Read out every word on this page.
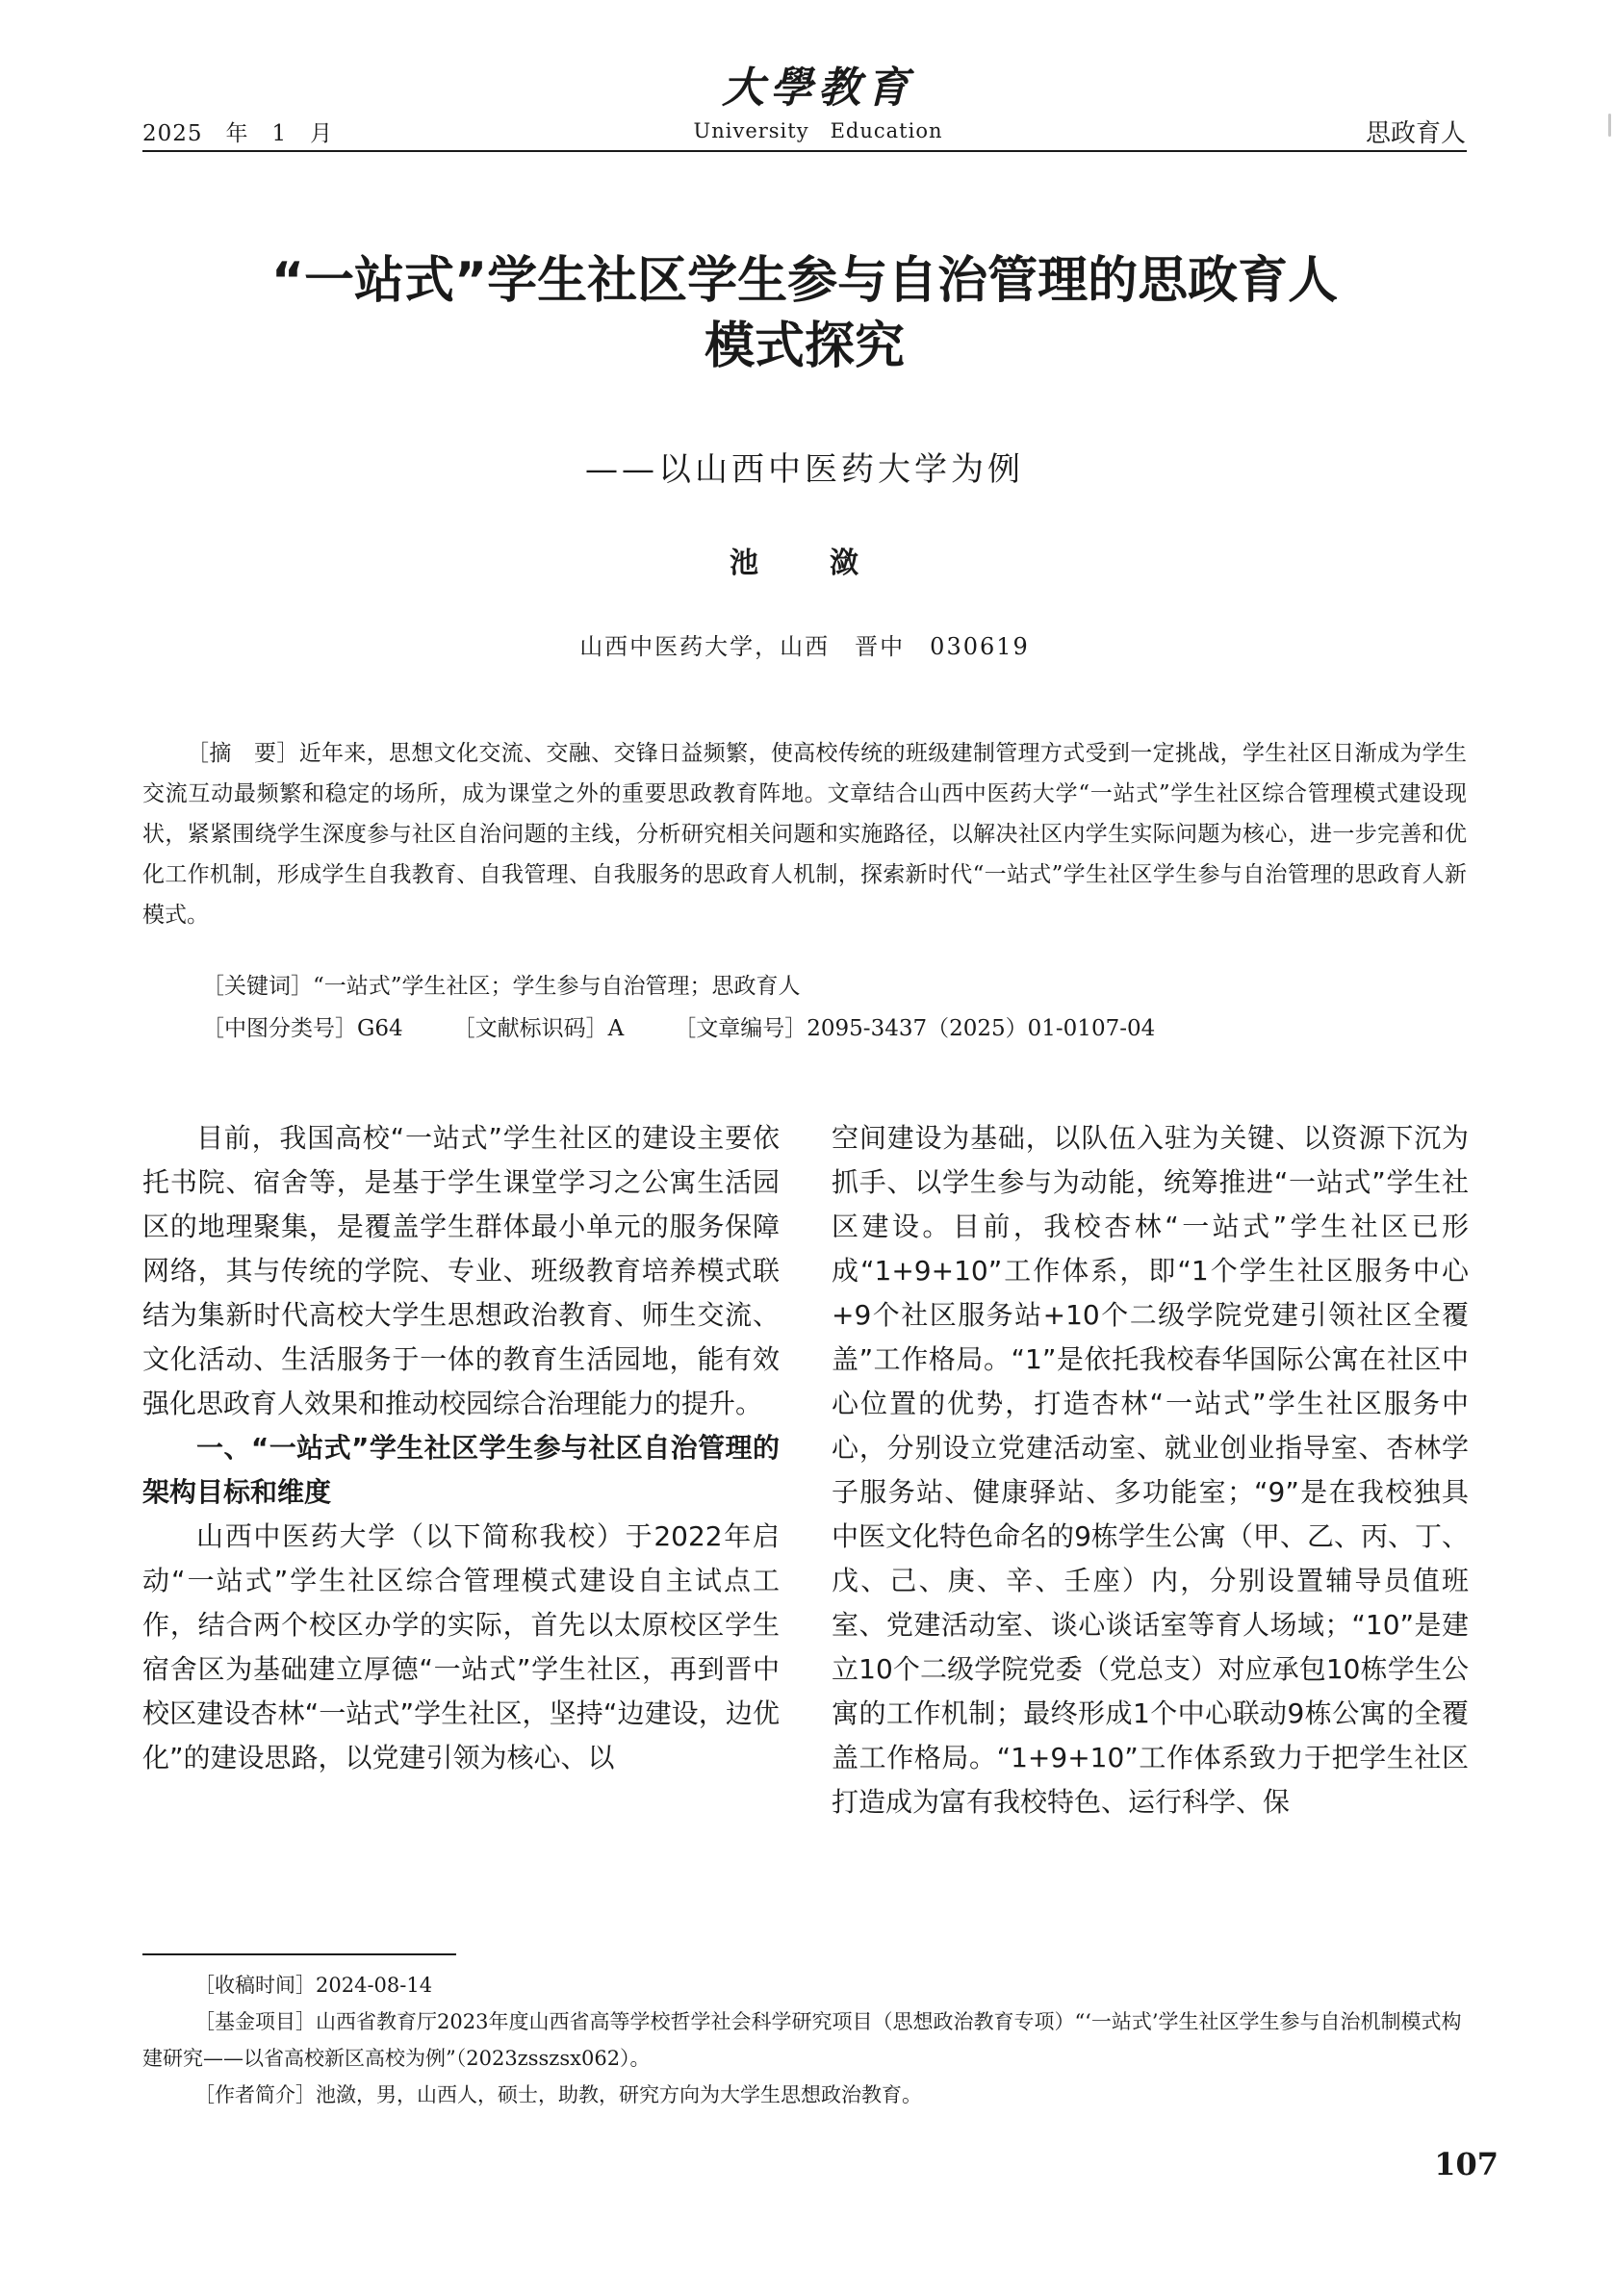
2025　年　1　月
大學教育
University　Education	思政育人
“一站式”学生社区学生参与自治管理的思政育人
模式探究
——以山西中医药大学为例
池　潋
山西中医药大学，山西　晋中　030619
［摘　要］近年来，思想文化交流、交融、交锋日益频繁，使高校传统的班级建制管理方式受到一定挑战，学生社区日渐成为学生交流互动最频繁和稳定的场所，成为课堂之外的重要思政教育阵地。文章结合山西中医药大学“一站式”学生社区综合管理模式建设现状，紧紧围绕学生深度参与社区自治问题的主线，分析研究相关问题和实施路径，以解决社区内学生实际问题为核心，进一步完善和优化工作机制，形成学生自我教育、自我管理、自我服务的思政育人机制，探索新时代“一站式”学生社区学生参与自治管理的思政育人新模式。
［关键词］“一站式”学生社区；学生参与自治管理；思政育人
［中图分类号］G64 ［文献标识码］A ［文章编号］2095-3437（2025）01-0107-04

目前，我国高校“一站式”学生社区的建设主要依托书院、宿舍等，是基于学生课堂学习之公寓生活园区的地理聚集，是覆盖学生群体最小单元的服务保障网络，其与传统的学院、专业、班级教育培养模式联结为集新时代高校大学生思想政治教育、师生交流、文化活动、生活服务于一体的教育生活园地，能有效强化思政育人效果和推动校园综合治理能力的提升。

一、“一站式”学生社区学生参与社区自治管理的架构目标和维度

山西中医药大学（以下简称我校）于2022年启动“一站式”学生社区综合管理模式建设自主试点工作，结合两个校区办学的实际，首先以太原校区学生宿舍区为基础建立厚德“一站式”学生社区，再到晋中校区建设杏林“一站式”学生社区，坚持“边建设，边优化”的建设思路，以党建引领为核心、以

空间建设为基础，以队伍入驻为关键、以资源下沉为抓手、以学生参与为动能，统筹推进“一站式”学生社区建设。目前，我校杏林“一站式”学生社区已形成“1+9+10”工作体系，即“1个学生社区服务中心+9个社区服务站+10个二级学院党建引领社区全覆盖”工作格局。“1”是依托我校春华国际公寓在社区中心位置的优势，打造杏林“一站式”学生社区服务中心，分别设立党建活动室、就业创业指导室、杏林学子服务站、健康驿站、多功能室；“9”是在我校独具中医文化特色命名的9栋学生公寓（甲、乙、丙、丁、戊、己、庚、辛、壬座）内，分别设置辅导员值班室、党建活动室、谈心谈话室等育人场域；“10”是建立10个二级学院党委（党总支）对应承包10栋学生公寓的工作机制；最终形成1个中心联动9栋公寓的全覆盖工作格局。“1+9+10”工作体系致力于把学生社区打造成为富有我校特色、运行科学、保

［收稿时间］2024-08-14
［基金项目］山西省教育厅2023年度山西省高等学校哲学社会科学研究项目（思想政治教育专项）“‘一站式’学生社区学生参与自治机制模式构建研究——以省高校新区高校为例”（2023zsszsx062）。
［作者简介］池潋，男，山西人，硕士，助教，研究方向为大学生思想政治教育。
107
